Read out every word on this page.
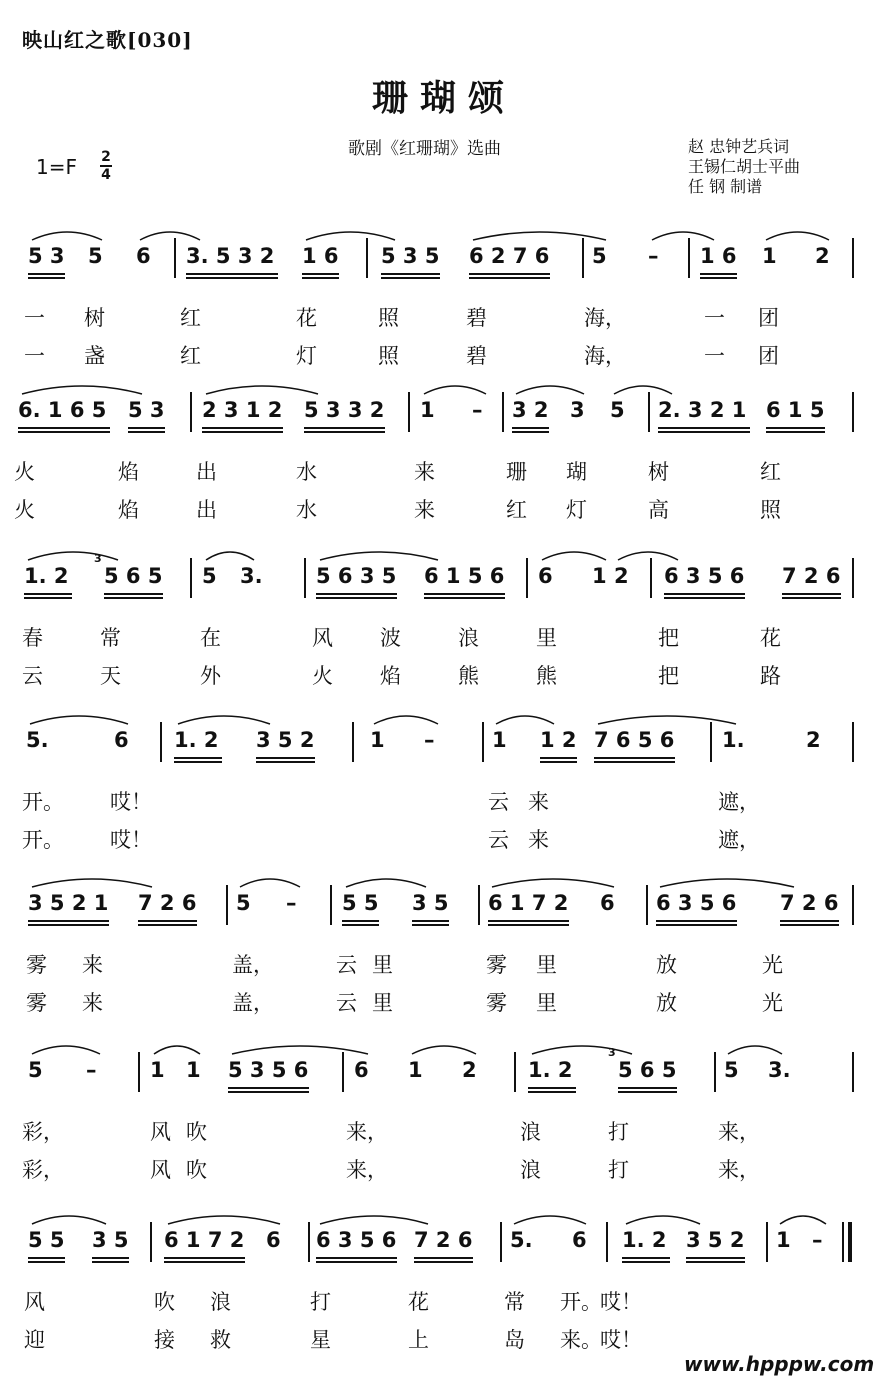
映山红之歌[030]
珊瑚颂
1=F 2
4
歌剧《红珊瑚》选曲	赵 忠钟艺兵词
王锡仁胡士平曲
任 钢 制谱
5 3 5 6 3. 5 3 2 1 6 5 3 5 6 2 7 6 5 – 1 6 1 2
一 树	红	花	照	碧	海，	一 团
一 盏	红	灯	照	碧	海，	一 团
6. 1 6 5 5 3 2 3 1 2 5 3 3 2 1 – 3 2 3 5 2. 3 2 1 6 1 5
火	焰	出	水	来	珊 瑚	树	红
火	焰	出	水	来	红 灯	高	照
1. 2 5 6 5 5 3.	5 6 3 5 6 1 5 6 6 1 2 6 3 5 6 7 2 6
3
春	常	在	风 波	浪	里	把	花
云	天	外	火 焰	熊	熊	把	路
5.	6 1. 2 3 5 2	1 –	1 1 2 7 6 5 6 1.	2
开。 哎！	云 来	遮，
开。 哎！	云 来	遮，
3 5 2 1 7 2 6 5 – 5 5 3 5 6 1 7 2 6 6 3 5 6 7 2 6
雾 来	盖，	云 里	雾 里	放	光
雾 来	盖，	云 里	雾 里	放	光
5 –	1 1 5 3 5 6 6 1 2 1. 2 5 6 5 5 3.
3
彩，	风 吹	来，	浪	打	来，
彩，	风 吹	来，	浪	打	来，
5 5 3 5 6 1 7 2 6 6 3 5 6 7 2 6 5. 6 1. 2 3 5 2 1 –
风	吹 浪	打	花	常 开。
哎！
迎	接 救	星	上	岛 来。
哎！
www.hpppw.com
